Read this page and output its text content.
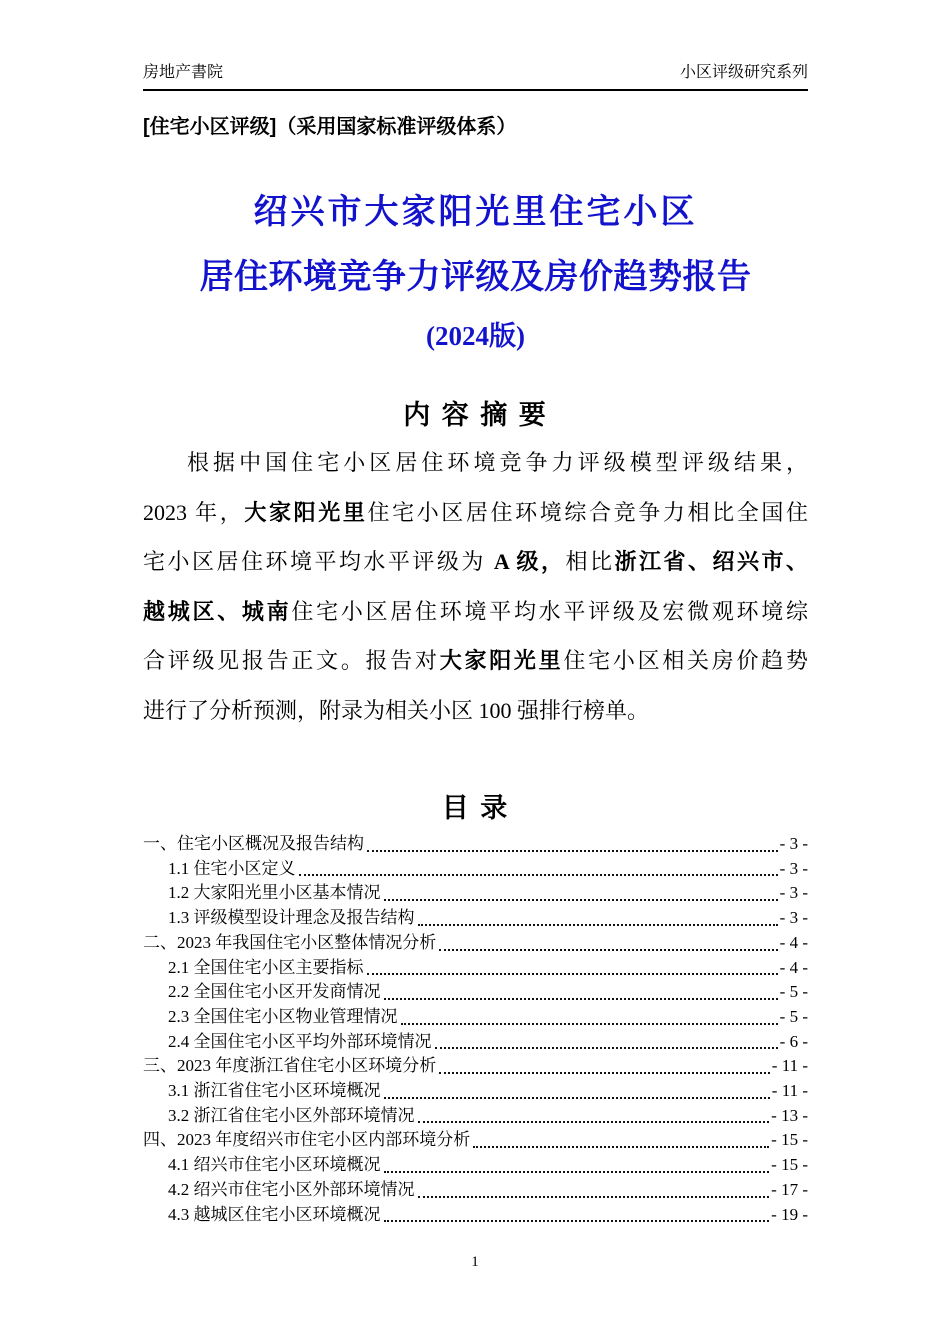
房地产書院	小区评级研究系列
[住宅小区评级]（采用国家标准评级体系）
绍兴市大家阳光里住宅小区
居住环境竞争力评级及房价趋势报告
(2024版)
内 容 摘 要
根据中国住宅小区居住环境竞争力评级模型评级结果，
2023 年，大家阳光里住宅小区居住环境综合竞争力相比全国住
宅小区居住环境平均水平评级为 A 级，相比浙江省、绍兴市、
越城区、城南住宅小区居住环境平均水平评级及宏微观环境综
合评级见报告正文。报告对大家阳光里住宅小区相关房价趋势
进行了分析预测，附录为相关小区 100 强排行榜单。
目 录
一、住宅小区概况及报告结构	- 3 -
1.1 住宅小区定义	- 3 -
1.2 大家阳光里小区基本情况	- 3 -
1.3 评级模型设计理念及报告结构	- 3 -
二、2023 年我国住宅小区整体情况分析	- 4 -
2.1 全国住宅小区主要指标	- 4 -
2.2 全国住宅小区开发商情况	- 5 -
2.3 全国住宅小区物业管理情况	- 5 -
2.4 全国住宅小区平均外部环境情况	- 6 -
三、2023 年度浙江省住宅小区环境分析	- 11 -
3.1 浙江省住宅小区环境概况	- 11 -
3.2 浙江省住宅小区外部环境情况	- 13 -
四、2023 年度绍兴市住宅小区内部环境分析	- 15 -
4.1 绍兴市住宅小区环境概况	- 15 -
4.2 绍兴市住宅小区外部环境情况	- 17 -
4.3 越城区住宅小区环境概况	- 19 -
1
